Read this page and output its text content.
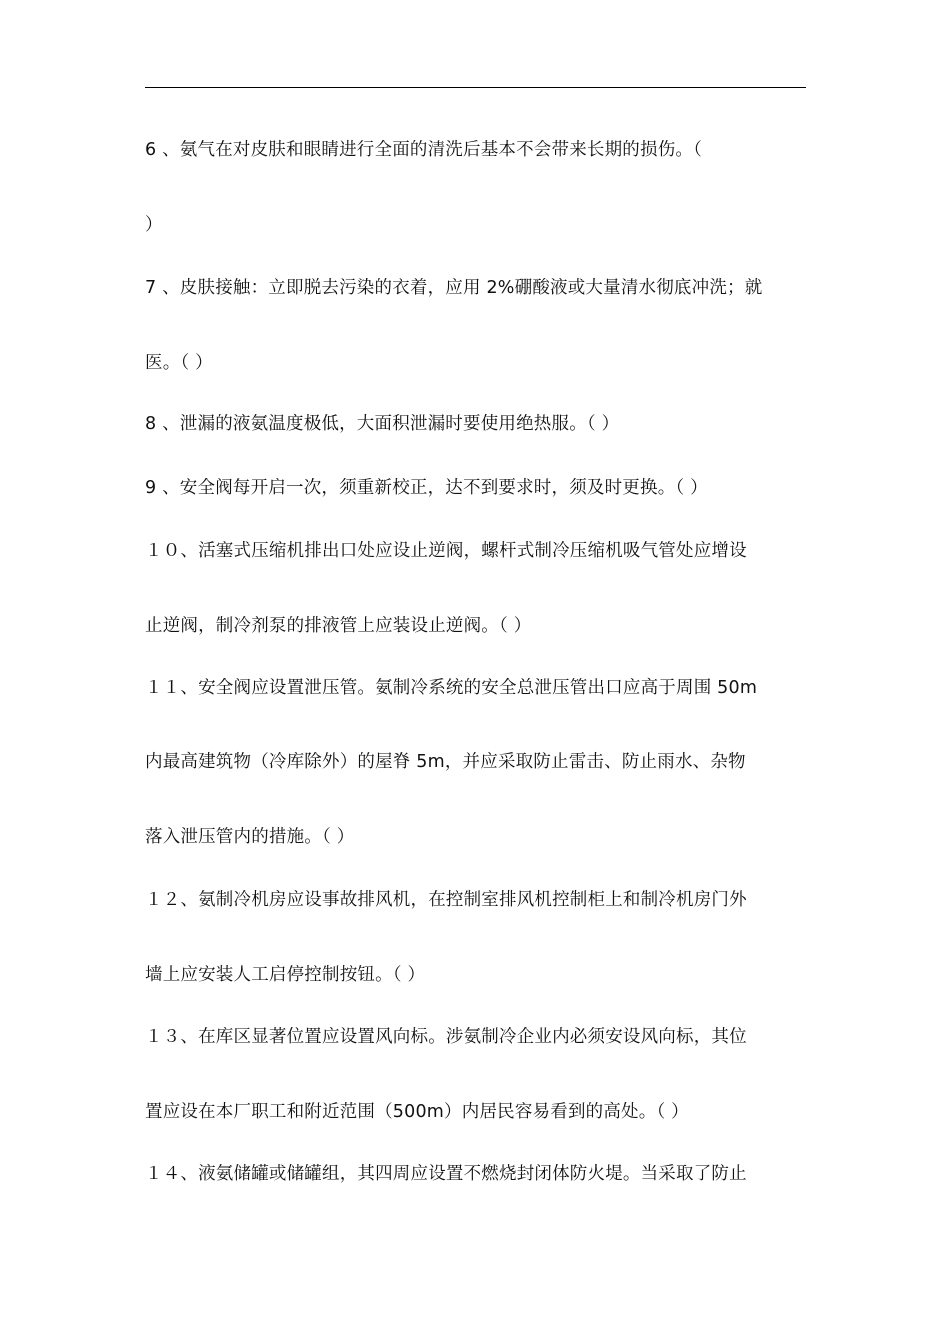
6 、氨气在对皮肤和眼睛进行全面的清洗后基本不会带来长期的损伤。（
）
7 、皮肤接触：立即脱去污染的衣着，应用 2%硼酸液或大量清水彻底冲洗；就
医。（ ）
8 、泄漏的液氨温度极低，大面积泄漏时要使用绝热服。（ ）
9 、安全阀每开启一次，须重新校正，达不到要求时，须及时更换。（ ）
１０、活塞式压缩机排出口处应设止逆阀，螺杆式制冷压缩机吸气管处应增设
止逆阀，制冷剂泵的排液管上应装设止逆阀。（ ）
１１、安全阀应设置泄压管。氨制冷系统的安全总泄压管出口应高于周围 50m
内最高建筑物（冷库除外）的屋脊 5m，并应采取防止雷击、防止雨水、杂物
落入泄压管内的措施。（ ）
１２、氨制冷机房应设事故排风机，在控制室排风机控制柜上和制冷机房门外
墙上应安装人工启停控制按钮。（ ）
１３、在库区显著位置应设置风向标。涉氨制冷企业内必须安设风向标，其位
置应设在本厂职工和附近范围（500m）内居民容易看到的高处。（ ）
１４、液氨储罐或储罐组，其四周应设置不燃烧封闭体防火堤。当采取了防止
